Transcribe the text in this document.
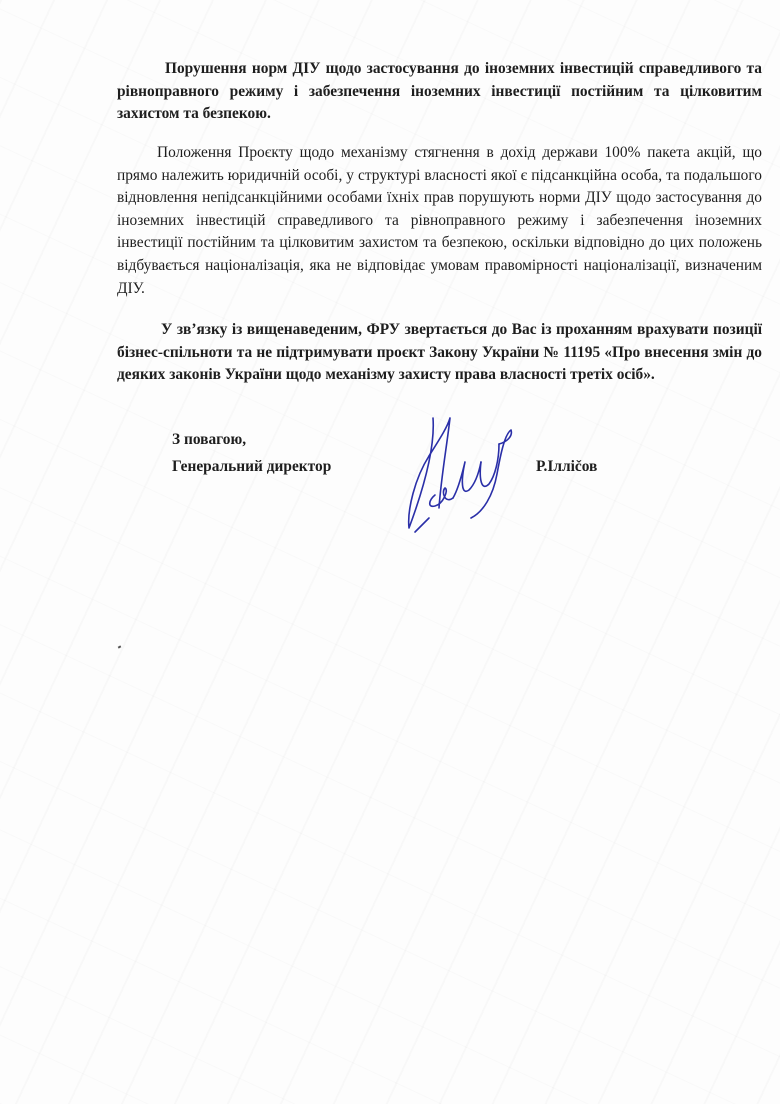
Порушення норм ДІУ щодо застосування до іноземних інвестицій справедливого та рівноправного режиму і забезпечення іноземних інвестиції постійним та цілковитим захистом та безпекою.

Положення Проєкту щодо механізму стягнення в дохід держави 100% пакета акцій, що прямо належить юридичній особі, у структурі власності якої є підсанкційна особа, та подальшого відновлення непідсанкційними особами їхніх прав порушують норми ДІУ щодо застосування до іноземних інвестицій справедливого та рівноправного режиму і забезпечення іноземних інвестиції постійним та цілковитим захистом та безпекою, оскільки відповідно до цих положень відбувається націоналізація, яка не відповідає умовам правомірності націоналізації, визначеним ДІУ.

У зв’язку із вищенаведеним, ФРУ звертається до Вас із проханням врахувати позиції бізнес-спільноти та не підтримувати проєкт Закону України № 11195 «Про внесення змін до деяких законів України щодо механізму захисту права власності третіх осіб».

З повагою,

Генеральний директор	Р.Ілліčов
